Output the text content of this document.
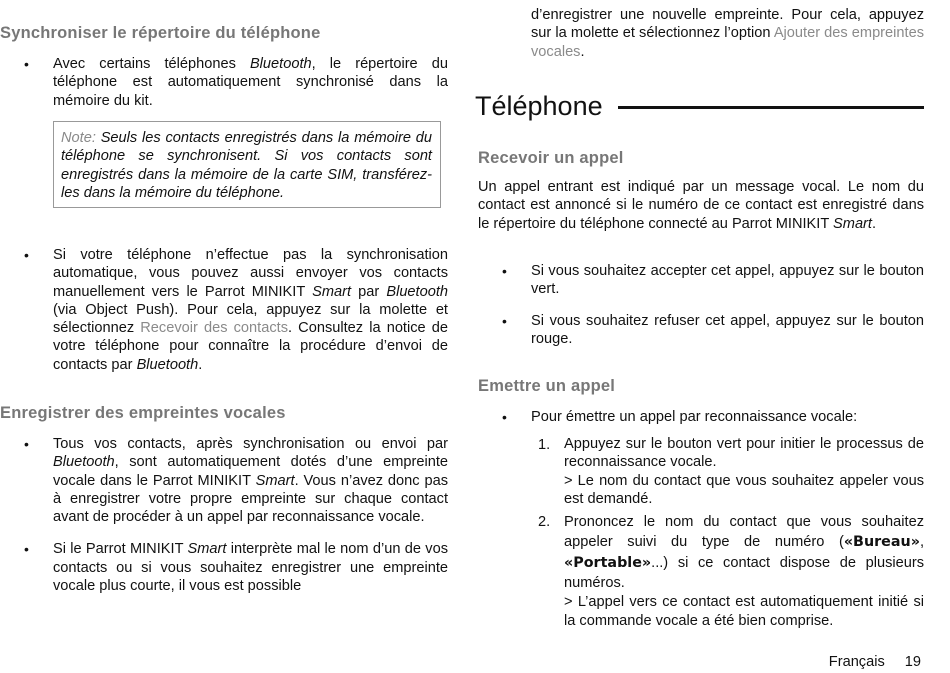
Synchroniser le répertoire du téléphone
• Avec certains téléphones Bluetooth, le répertoire du téléphone est automatiquement synchronisé dans la mémoire du kit.
Note: Seuls les contacts enregistrés dans la mémoire du téléphone se synchronisent. Si vos contacts sont enregistrés dans la mémoire de la carte SIM, transférez-les dans la mémoire du téléphone.
• Si votre téléphone n’effectue pas la synchronisation automatique, vous pouvez aussi envoyer vos contacts manuellement vers le Parrot MINIKIT Smart par Bluetooth (via Object Push). Pour cela, appuyez sur la molette et sélectionnez Recevoir des contacts. Consultez la notice de votre téléphone pour connaître la procédure d’envoi de contacts par Bluetooth.
Enregistrer des empreintes vocales
• Tous vos contacts, après synchronisation ou envoi par Bluetooth, sont automatiquement dotés d’une empreinte vocale dans le Parrot MINIKIT Smart. Vous n’avez donc pas à enregistrer votre propre empreinte sur chaque contact avant de procéder à un appel par reconnaissance vocale.
• Si le Parrot MINIKIT Smart interprète mal le nom d’un de vos contacts ou si vous souhaitez enregistrer une empreinte vocale plus courte, il vous est possible

d’enregistrer une nouvelle empreinte. Pour cela, appuyez sur la molette et sélectionnez l’option Ajouter des empreintes vocales.

Téléphone
Recevoir un appel

Un appel entrant est indiqué par un message vocal. Le nom du contact est annoncé si le numéro de ce contact est enregistré dans le répertoire du téléphone connecté au Parrot MINIKIT Smart.

• Si vous souhaitez accepter cet appel, appuyez sur le bouton vert.
• Si vous souhaitez refuser cet appel, appuyez sur le bouton rouge.
Emettre un appel
• Pour émettre un appel par reconnaissance vocale:
1. Appuyez sur le bouton vert pour initier le processus de reconnaissance vocale.
> Le nom du contact que vous souhaitez appeler vous est demandé.
2. Prononcez le nom du contact que vous souhaitez appeler suivi du type de numéro («Bureau», «Portable»...) si ce contact dispose de plusieurs numéros.
> L’appel vers ce contact est automatiquement initié si la commande vocale a été bien comprise.
Français 19
